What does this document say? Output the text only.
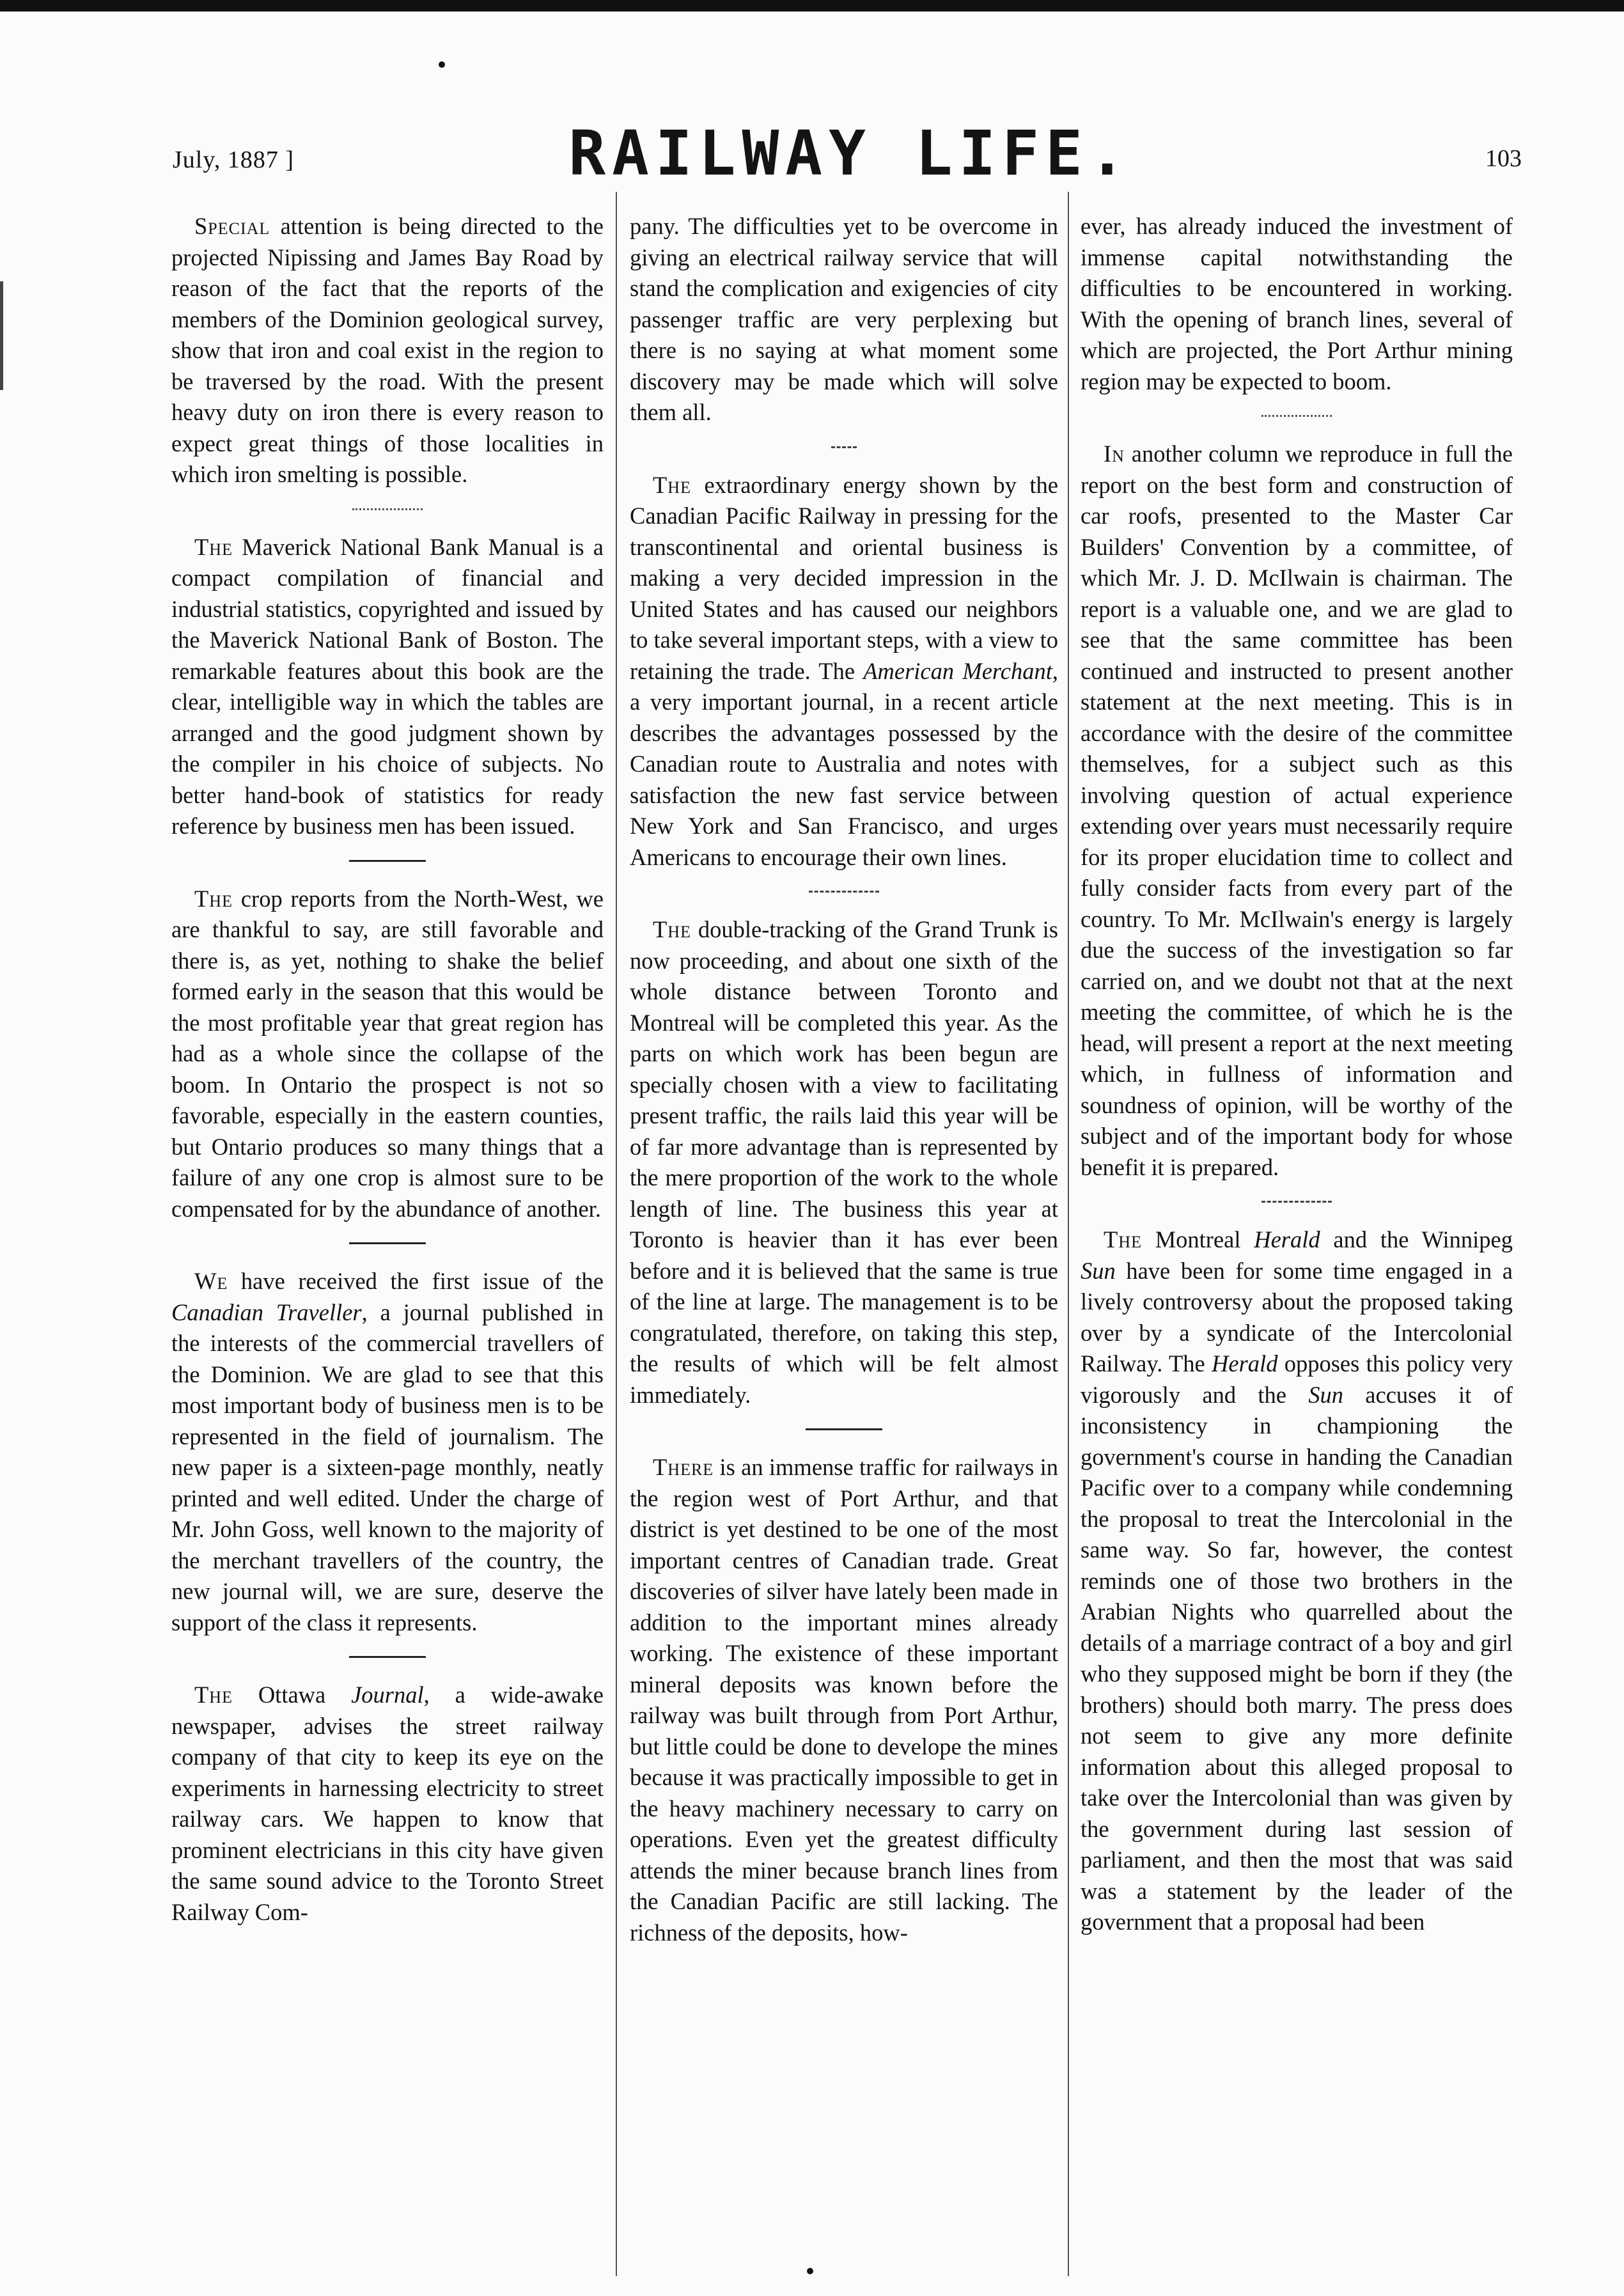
July, 1887 ]	RAILWAY LIFE.	103

Special attention is being directed to the projected Nipissing and James Bay Road by reason of the fact that the reports of the members of the Dominion geological survey, show that iron and coal exist in the region to be traversed by the road. With the present heavy duty on iron there is every reason to expect great things of those localities in which iron smelting is possible.

The Maverick National Bank Manual is a compact compilation of financial and industrial statistics, copyrighted and issued by the Maverick National Bank of Boston. The remarkable features about this book are the clear, intelligible way in which the tables are arranged and the good judgment shown by the compiler in his choice of subjects. No better hand-book of statistics for ready reference by business men has been issued.

The crop reports from the North-West, we are thankful to say, are still favorable and there is, as yet, nothing to shake the belief formed early in the season that this would be the most profitable year that great region has had as a whole since the collapse of the boom. In Ontario the prospect is not so favorable, especially in the eastern counties, but Ontario produces so many things that a failure of any one crop is almost sure to be compensated for by the abundance of another.

We have received the first issue of the Canadian Traveller, a journal published in the interests of the commercial travellers of the Dominion. We are glad to see that this most important body of business men is to be represented in the field of journalism. The new paper is a sixteen-page monthly, neatly printed and well edited. Under the charge of Mr. John Goss, well known to the majority of the merchant travellers of the country, the new journal will, we are sure, deserve the support of the class it represents.

The Ottawa Journal, a wide-awake newspaper, advises the street railway company of that city to keep its eye on the experiments in harnessing electricity to street railway cars. We happen to know that prominent electricians in this city have given the same sound advice to the Toronto Street Railway Com-

pany. The difficulties yet to be overcome in giving an electrical railway service that will stand the complication and exigencies of city passenger traffic are very perplexing but there is no saying at what moment some discovery may be made which will solve them all.

The extraordinary energy shown by the Canadian Pacific Railway in pressing for the transcontinental and oriental business is making a very decided impression in the United States and has caused our neighbors to take several important steps, with a view to retaining the trade. The American Merchant, a very important journal, in a recent article describes the advantages possessed by the Canadian route to Australia and notes with satisfaction the new fast service between New York and San Francisco, and urges Americans to encourage their own lines.

The double-tracking of the Grand Trunk is now proceeding, and about one sixth of the whole distance between Toronto and Montreal will be completed this year. As the parts on which work has been begun are specially chosen with a view to facilitating present traffic, the rails laid this year will be of far more advantage than is represented by the mere proportion of the work to the whole length of line. The business this year at Toronto is heavier than it has ever been before and it is believed that the same is true of the line at large. The management is to be congratulated, therefore, on taking this step, the results of which will be felt almost immediately.

There is an immense traffic for railways in the region west of Port Arthur, and that district is yet destined to be one of the most important centres of Canadian trade. Great discoveries of silver have lately been made in addition to the important mines already working. The existence of these important mineral deposits was known before the railway was built through from Port Arthur, but little could be done to develope the mines because it was practically impossible to get in the heavy machinery necessary to carry on operations. Even yet the greatest difficulty attends the miner because branch lines from the Canadian Pacific are still lacking. The richness of the deposits, how-

ever, has already induced the investment of immense capital notwithstanding the difficulties to be encountered in working. With the opening of branch lines, several of which are projected, the Port Arthur mining region may be expected to boom.

In another column we reproduce in full the report on the best form and construction of car roofs, presented to the Master Car Builders' Convention by a committee, of which Mr. J. D. McIlwain is chairman. The report is a valuable one, and we are glad to see that the same committee has been continued and instructed to present another statement at the next meeting. This is in accordance with the desire of the committee themselves, for a subject such as this involving question of actual experience extending over years must necessarily require for its proper elucidation time to collect and fully consider facts from every part of the country. To Mr. McIlwain's energy is largely due the success of the investigation so far carried on, and we doubt not that at the next meeting the committee, of which he is the head, will present a report at the next meeting which, in fullness of information and soundness of opinion, will be worthy of the subject and of the important body for whose benefit it is prepared.

The Montreal Herald and the Winnipeg Sun have been for some time engaged in a lively controversy about the proposed taking over by a syndicate of the Intercolonial Railway. The Herald opposes this policy very vigorously and the Sun accuses it of inconsistency in championing the government's course in handing the Canadian Pacific over to a company while condemning the proposal to treat the Intercolonial in the same way. So far, however, the contest reminds one of those two brothers in the Arabian Nights who quarrelled about the details of a marriage contract of a boy and girl who they supposed might be born if they (the brothers) should both marry. The press does not seem to give any more definite information about this alleged proposal to take over the Intercolonial than was given by the government during last session of parliament, and then the most that was said was a statement by the leader of the government that a proposal had been
